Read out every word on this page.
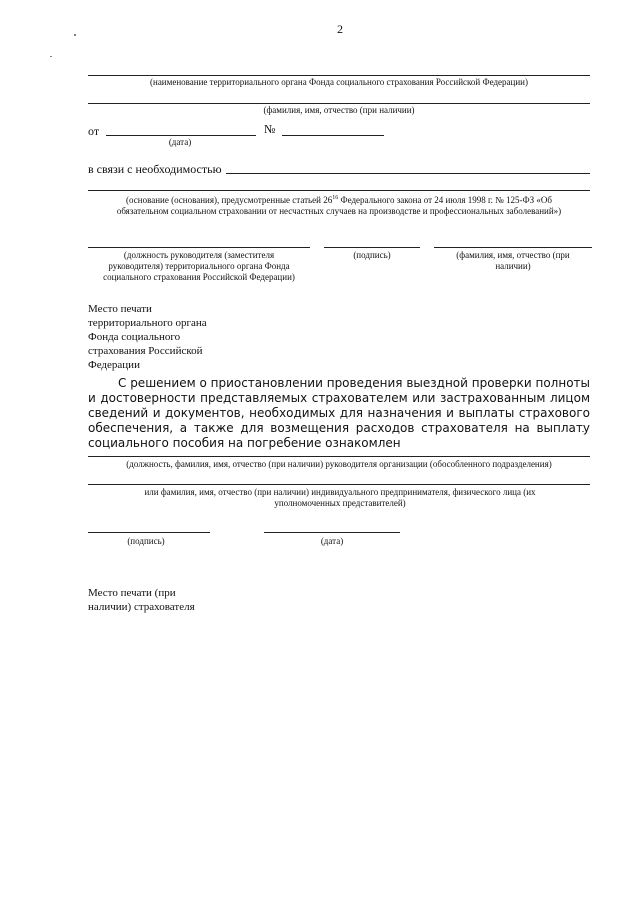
2
(наименование территориального органа Фонда социального страхования Российской Федерации)
(фамилия, имя, отчество (при наличии)
от	№
(дата)
в связи с необходимостью
(основание (основания), предусмотренные статьей $26^{16}$ Федерального закона от 24 июля 1998 г. № 125-ФЗ «Об
обязательном социальном страховании от несчастных случаев на производстве и профессиональных заболеваний»)
(должность руководителя (заместителя руководителя) территориального органа Фонда социального страхования Российской Федерации)
(подпись)	(фамилия, имя, отчество (при наличии)
Место печати
территориального органа
Фонда социального
страхования Российской
Федерации
С решением о приостановлении проведения выездной проверки полноты и достоверности представляемых страхователем или застрахованным лицом сведений и документов, необходимых для назначения и выплаты страхового обеспечения, а также для возмещения расходов страхователя на выплату социального пособия на погребение ознакомлен
(должность, фамилия, имя, отчество (при наличии) руководителя организации (обособленного подразделения)
или фамилия, имя, отчество (при наличии) индивидуального предпринимателя, физического лица (их уполномоченных представителей)
(подпись)	(дата)
Место печати (при
наличии) страхователя
